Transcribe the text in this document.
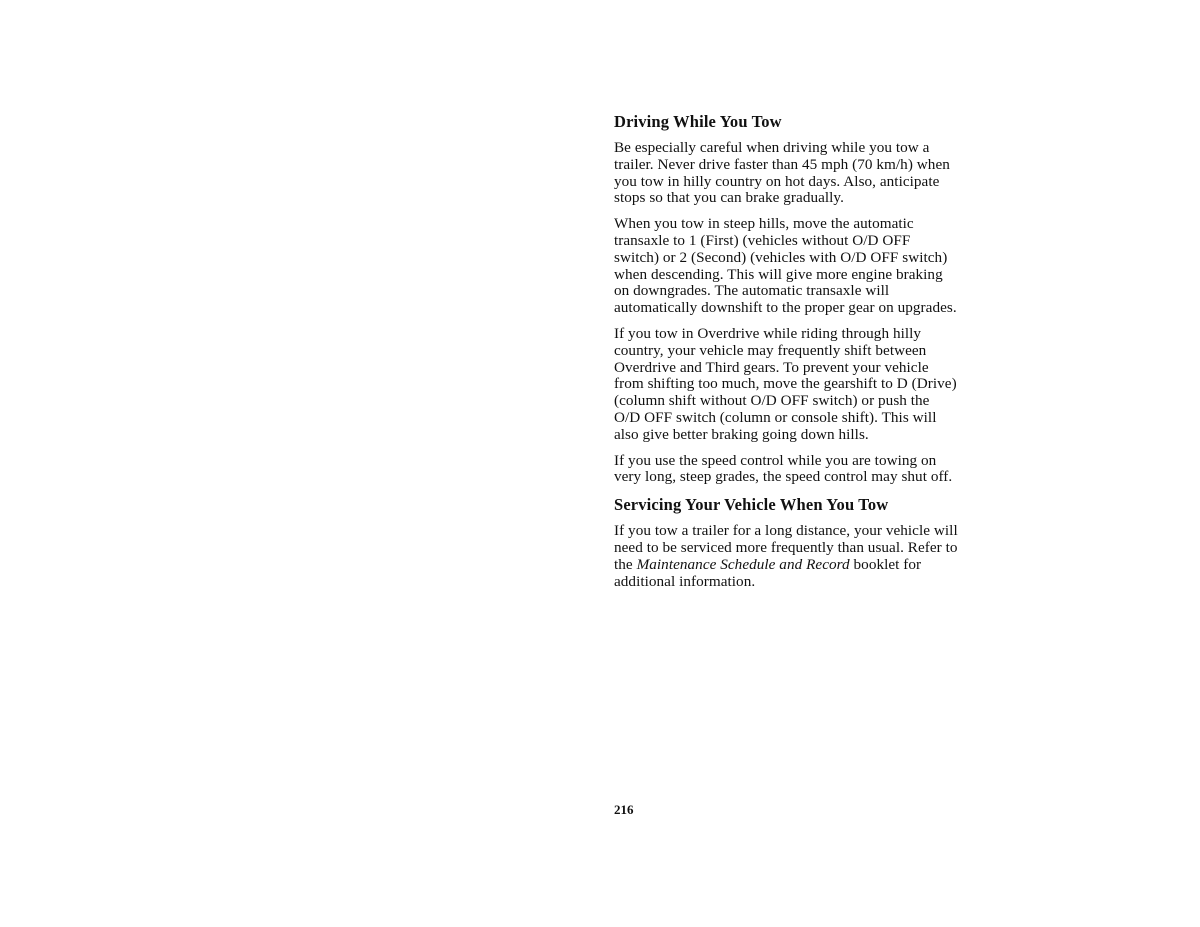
Driving While You Tow

Be especially careful when driving while you tow a trailer. Never drive faster than 45 mph (70 km/h) when you tow in hilly country on hot days. Also, anticipate stops so that you can brake gradually.

When you tow in steep hills, move the automatic transaxle to 1 (First) (vehicles without O/D OFF switch) or 2 (Second) (vehicles with O/D OFF switch) when descending. This will give more engine braking on downgrades. The automatic transaxle will automatically downshift to the proper gear on upgrades.

If you tow in Overdrive while riding through hilly country, your vehicle may frequently shift between Overdrive and Third gears. To prevent your vehicle from shifting too much, move the gearshift to D (Drive) (column shift without O/D OFF switch) or push the O/D OFF switch (column or console shift). This will also give better braking going down hills.

If you use the speed control while you are towing on very long, steep grades, the speed control may shut off.

Servicing Your Vehicle When You Tow

If you tow a trailer for a long distance, your vehicle will need to be serviced more frequently than usual. Refer to the Maintenance Schedule and Record booklet for additional information.

216
